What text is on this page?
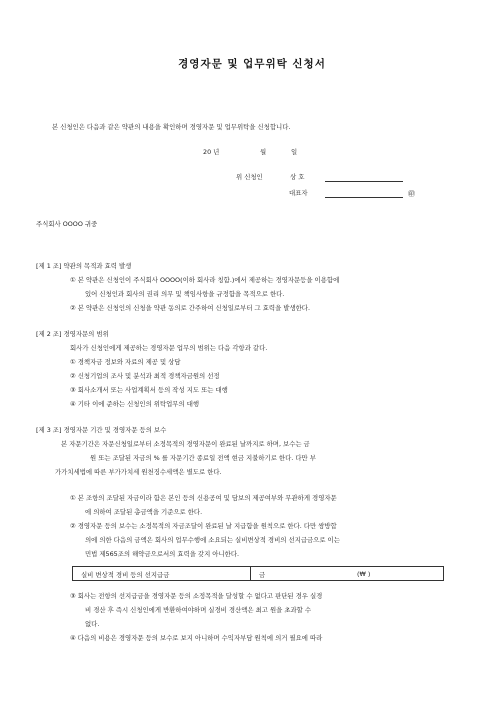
경영자문 및 업무위탁 신청서
본 신청인은 다음과 같은 약관의 내용을 확인하며 경영자문 및 업무위탁을 신청합니다.
20 년	월	일
위 신청인	상 호
대표자	㊞
주식회사 OOOO 귀중
[제 1 조] 약관의 목적과 효력 발생
① 본 약관은 신청인이 주식회사 OOOO(이하 회사라 칭함.)에서 제공하는 경영자문등을 이용함에
있어 신청인과 회사의 권리 의무 및 책임사항을 규정함을 목적으로 한다.
② 본 약관은 신청인의 신청을 약관 동의로 간주하여 신청일로부터 그 효력을 발생한다.
[제 2 조] 경영자문의 범위
회사가 신청인에게 제공하는 경영자문 업무의 범위는 다음 각항과 같다.
① 경책자금 정보와 자료의 제공 및 상담
② 신청기업의 조사 및 분석과 최적 경책자금원의 선정
③ 회사소개서 또는 사업계획서 등의 작성 지도 또는 대행
④ 기타 이에 준하는 신청인의 위탁업무의 대행
[제 3 조] 경영자문 기간 및 경영자문 등의 보수
본 자문기간은 자문신청일로부터 소정목적의 경영자문이 완료된 날까지로 하며, 보수는 금
원 또는 조달된 자금의 % 를 자문기간 종료일 전액 현금 지불하기로 한다. 다만 부
가가치세법에 따른 부가가치세 원천징수세액은 별도로 한다.
① 본 조항의 조달된 자금이라 함은 본인 등의 신용공여 및 담보의 제공여부와 무관하게 경영자문
에 의하여 조달된 총금액을 기준으로 한다.
② 경영자문 등의 보수는 소정목적의 자금조달이 완료된 날 지급함을 원칙으로 한다. 다만 쌍방합
의에 의한 다음의 금액은 회사의 업무수행에 소요되는 실비변상적 경비의 선지급금으로 이는
민법 제565조의 해약금으로서의 효력을 갖지 아니한다.
실비 변상적 경비 등의 선지급금	금	(₩ )
③ 회사는 전항의 선지급금을 경영자문 등의 소정목적을 달성할 수 없다고 판단된 경우 실경
비 경산 후 즉시 신청인에게 반환하여야하며 실경비 경산액은 최고 원을 초과할 수
없다.
④ 다음의 비용은 경영자문 등의 보수로 보지 아니하며 수익자부담 원칙에 의거 필요에 따라
